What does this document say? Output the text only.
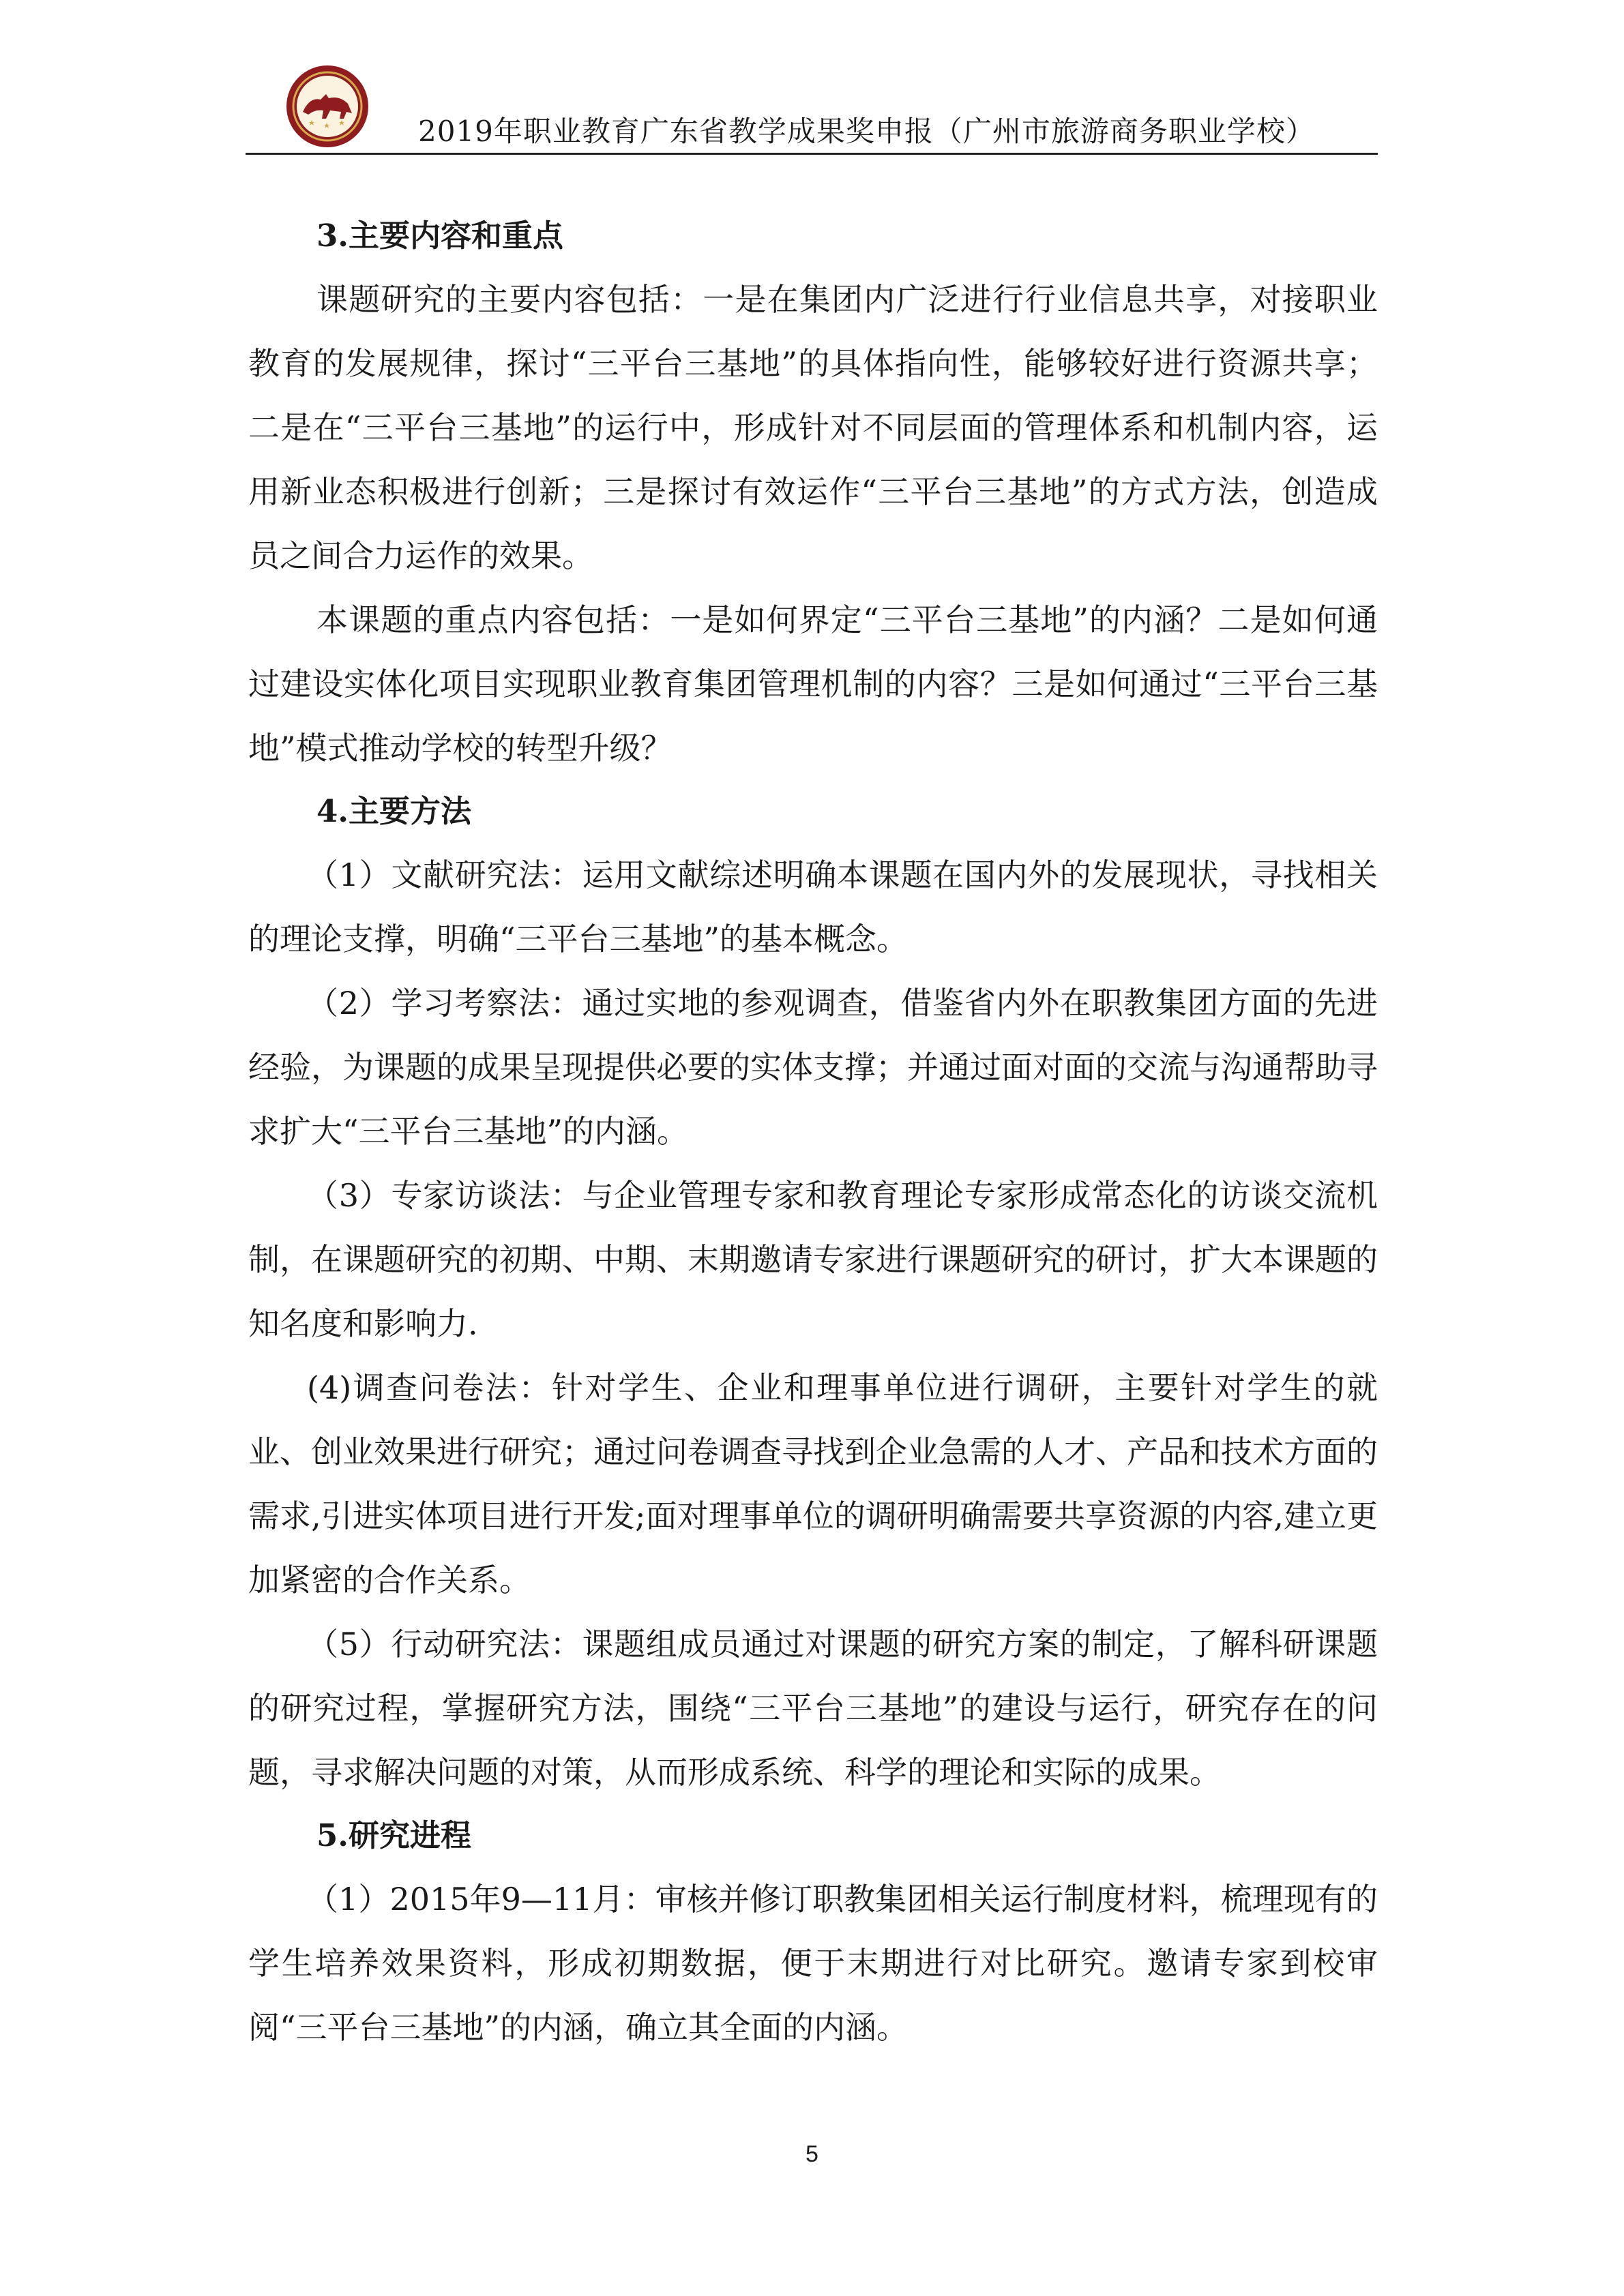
2019年职业教育广东省教学成果奖申报（广州市旅游商务职业学校）
3.主要内容和重点

课题研究的主要内容包括：一是在集团内广泛进行行业信息共享，对接职业教育的发展规律，探讨“三平台三基地”的具体指向性，能够较好进行资源共享；二是在“三平台三基地”的运行中，形成针对不同层面的管理体系和机制内容，运用新业态积极进行创新；三是探讨有效运作“三平台三基地”的方式方法，创造成员之间合力运作的效果。

本课题的重点内容包括：一是如何界定“三平台三基地”的内涵？二是如何通过建设实体化项目实现职业教育集团管理机制的内容？三是如何通过“三平台三基地”模式推动学校的转型升级？

4.主要方法

（1）文献研究法：运用文献综述明确本课题在国内外的发展现状，寻找相关的理论支撑，明确“三平台三基地”的基本概念。

（2）学习考察法：通过实地的参观调查，借鉴省内外在职教集团方面的先进经验，为课题的成果呈现提供必要的实体支撑；并通过面对面的交流与沟通帮助寻求扩大“三平台三基地”的内涵。

（3）专家访谈法：与企业管理专家和教育理论专家形成常态化的访谈交流机制，在课题研究的初期、中期、末期邀请专家进行课题研究的研讨，扩大本课题的知名度和影响力.

(4)调查问卷法：针对学生、企业和理事单位进行调研，主要针对学生的就业、创业效果进行研究；通过问卷调查寻找到企业急需的人才、产品和技术方面的需求,引进实体项目进行开发;面对理事单位的调研明确需要共享资源的内容,建立更加紧密的合作关系。

（5）行动研究法：课题组成员通过对课题的研究方案的制定，了解科研课题的研究过程，掌握研究方法，围绕“三平台三基地”的建设与运行，研究存在的问题，寻求解决问题的对策，从而形成系统、科学的理论和实际的成果。

5.研究进程

（1）2015年9—11月：审核并修订职教集团相关运行制度材料，梳理现有的学生培养效果资料，形成初期数据，便于末期进行对比研究。邀请专家到校审阅“三平台三基地”的内涵，确立其全面的内涵。

5
